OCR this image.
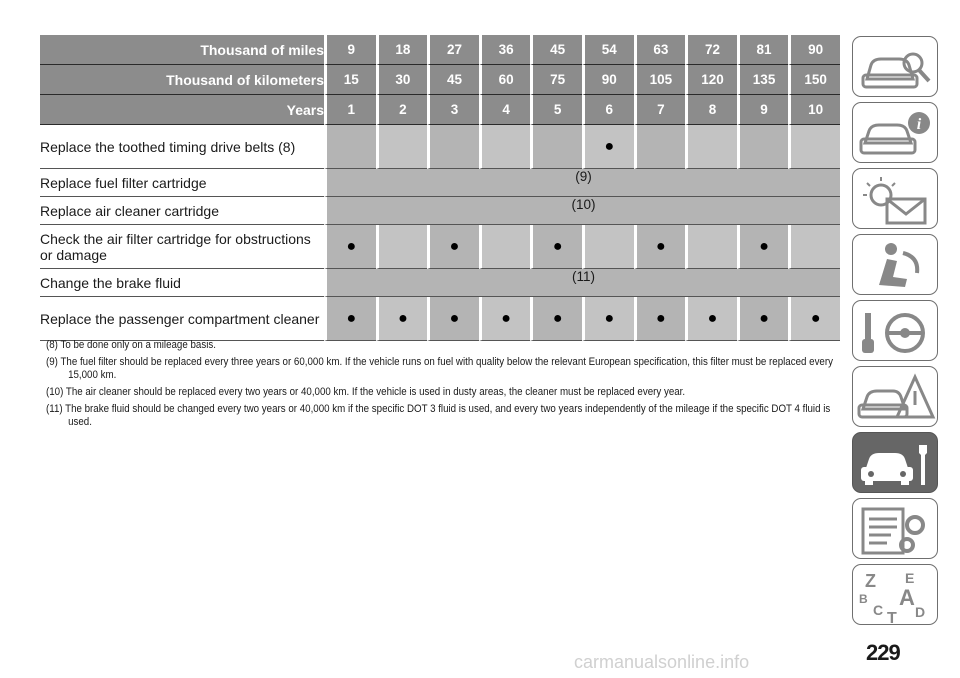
Thousand of miles	9	18	27	36	45	54	63	72	81	90
Thousand of kilometers	15	30	45	60	75	90	105	120	135	150
Years	1	2	3	4	5	6	7	8	9	10
Replace the toothed timing drive belts (8)						●				
Replace fuel filter cartridge	(9)									
Replace air cleaner cartridge	(10)									
Check the air filter cartridge for obstructions or damage	●		●		●		●		●	
Change the brake fluid	(11)									
Replace the passenger compartment cleaner	●	●	●	●	●	●	●	●	●	●

(8) To be done only on a mileage basis.

(9) The fuel filter should be replaced every three years or 60,000 km. If the vehicle runs on fuel with quality below the relevant European specification, this filter must be replaced every 15,000 km.

(10) The air cleaner should be replaced every two years or 40,000 km. If the vehicle is used in dusty areas, the cleaner must be replaced every year.

(11) The brake fluid should be changed every two years or 40,000 km if the specific DOT 3 fluid is used, and every two years independently of the mileage if the specific DOT 4 fluid is used.

i
Z E
B A
C D
T
229
carmanualsonline.info
